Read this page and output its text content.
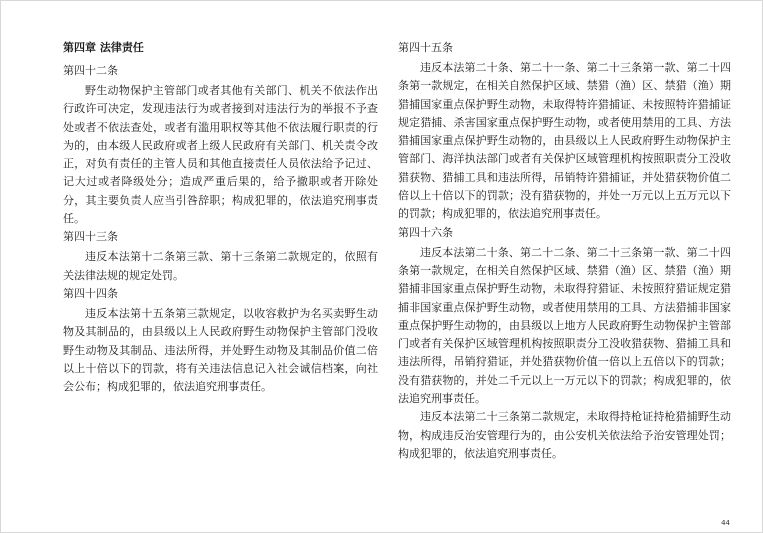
第四章 法律责任
第四十二条

野生动物保护主管部门或者其他有关部门、机关不依法作出行政许可决定，发现违法行为或者接到对违法行为的举报不予查处或者不依法查处，或者有滥用职权等其他不依法履行职责的行为的，由本级人民政府或者上级人民政府有关部门、机关责令改正，对负有责任的主管人员和其他直接责任人员依法给予记过、记大过或者降级处分；造成严重后果的，给予撤职或者开除处分，其主要负责人应当引咎辞职；构成犯罪的，依法追究刑事责任。

第四十三条

违反本法第十二条第三款、第十三条第二款规定的，依照有关法律法规的规定处罚。

第四十四条

违反本法第十五条第三款规定，以收容救护为名买卖野生动物及其制品的，由县级以上人民政府野生动物保护主管部门没收野生动物及其制品、违法所得，并处野生动物及其制品价值二倍以上十倍以下的罚款，将有关违法信息记入社会诚信档案，向社会公布；构成犯罪的，依法追究刑事责任。

第四十五条

违反本法第二十条、第二十一条、第二十三条第一款、第二十四条第一款规定，在相关自然保护区域、禁猎（渔）区、禁猎（渔）期猎捕国家重点保护野生动物，未取得特许猎捕证、未按照特许猎捕证规定猎捕、杀害国家重点保护野生动物，或者使用禁用的工具、方法猎捕国家重点保护野生动物的，由县级以上人民政府野生动物保护主管部门、海洋执法部门或者有关保护区域管理机构按照职责分工没收猎获物、猎捕工具和违法所得，吊销特许猎捕证，并处猎获物价值二倍以上十倍以下的罚款；没有猎获物的，并处一万元以上五万元以下的罚款；构成犯罪的，依法追究刑事责任。

第四十六条

违反本法第二十条、第二十二条、第二十三条第一款、第二十四条第一款规定，在相关自然保护区域、禁猎（渔）区、禁猎（渔）期猎捕非国家重点保护野生动物，未取得狩猎证、未按照狩猎证规定猎捕非国家重点保护野生动物，或者使用禁用的工具、方法猎捕非国家重点保护野生动物的，由县级以上地方人民政府野生动物保护主管部门或者有关保护区域管理机构按照职责分工没收猎获物、猎捕工具和违法所得，吊销狩猎证，并处猎获物价值一倍以上五倍以下的罚款；没有猎获物的，并处二千元以上一万元以下的罚款；构成犯罪的，依法追究刑事责任。

违反本法第二十三条第二款规定，未取得持枪证持枪猎捕野生动物，构成违反治安管理行为的，由公安机关依法给予治安管理处罚；构成犯罪的，依法追究刑事责任。

44
